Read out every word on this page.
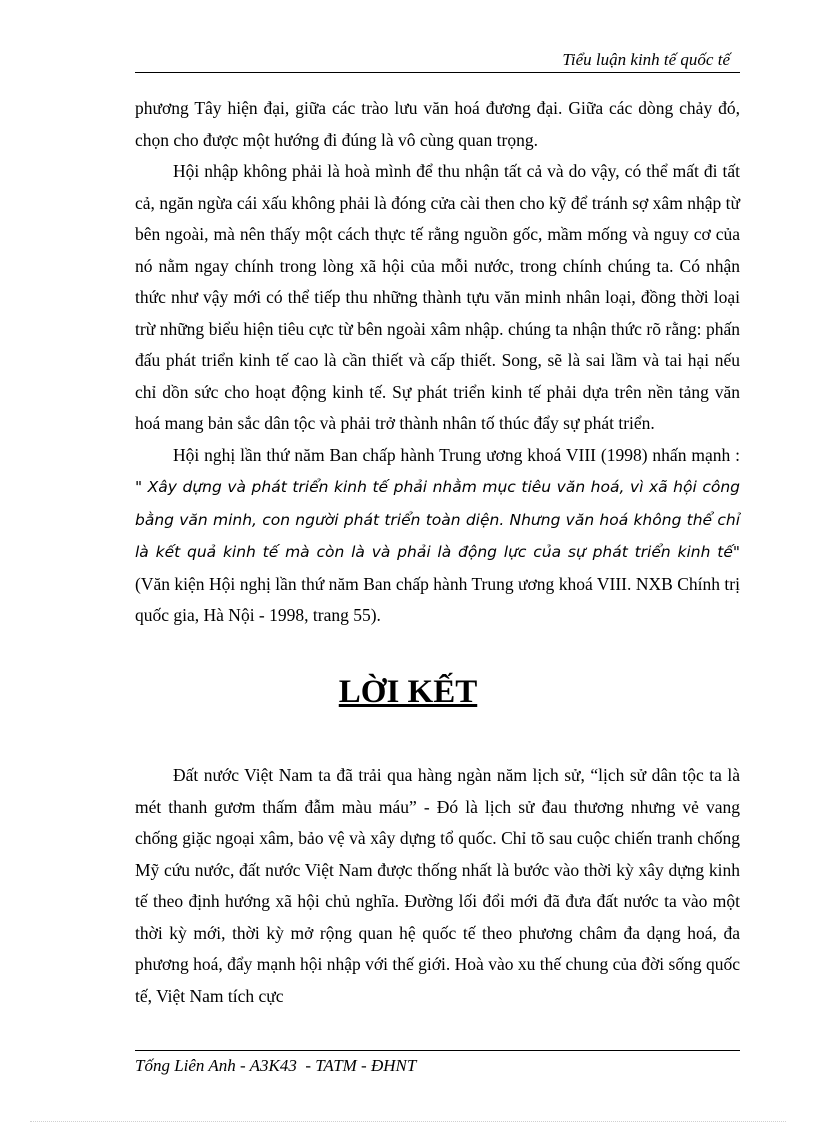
Tiểu luận kinh tế quốc tế

phương Tây hiện đại, giữa các trào lưu văn hoá đương đại. Giữa các dòng chảy đó, chọn cho được một hướng đi đúng là vô cùng quan trọng.

Hội nhập không phải là hoà mình để thu nhận tất cả và do vậy, có thể mất đi tất cả, ngăn ngừa cái xấu không phải là đóng cửa cài then cho kỹ để tránh sợ xâm nhập từ bên ngoài, mà nên thấy một cách thực tế rằng nguồn gốc, mầm mống và nguy cơ của nó nằm ngay chính trong lòng xã hội của mỗi nước, trong chính chúng ta. Có nhận thức như vậy mới có thể tiếp thu những thành tựu văn minh nhân loại, đồng thời loại trừ những biểu hiện tiêu cực từ bên ngoài xâm nhập. chúng ta nhận thức rõ rằng: phấn đấu phát triển kinh tế cao là cần thiết và cấp thiết. Song, sẽ là sai lầm và tai hại nếu chỉ dồn sức cho hoạt động kinh tế. Sự phát triển kinh tế phải dựa trên nền tảng văn hoá mang bản sắc dân tộc và phải trở thành nhân tố thúc đẩy sự phát triển.

Hội nghị lần thứ năm Ban chấp hành Trung ương khoá VIII (1998) nhấn mạnh : " Xây dựng và phát triển kinh tế phải nhằm mục tiêu văn hoá, vì xã hội công bằng văn minh, con người phát triển toàn diện. Nhưng văn hoá không thể chỉ là kết quả kinh tế mà còn là và phải là động lực của sự phát triển kinh tế" (Văn kiện Hội nghị lần thứ năm Ban chấp hành Trung ương khoá VIII. NXB Chính trị quốc gia, Hà Nội - 1998, trang 55).

LỜI KẾT

Đất nước Việt Nam ta đã trải qua hàng ngàn năm lịch sử, “lịch sử dân tộc ta là mét thanh gươm thấm đẫm màu máu” - Đó là lịch sử đau thương nhưng vẻ vang chống giặc ngoại xâm, bảo vệ và xây dựng tổ quốc. Chỉ tõ sau cuộc chiến tranh chống Mỹ cứu nước, đất nước Việt Nam được thống nhất là bước vào thời kỳ xây dựng kinh tế theo định hướng xã hội chủ nghĩa. Đường lối đổi mới đã đưa đất nước ta vào một thời kỳ mới, thời kỳ mở rộng quan hệ quốc tế theo phương châm đa dạng hoá, đa phương hoá, đẩy mạnh hội nhập với thế giới. Hoà vào xu thế chung của đời sống quốc tế, Việt Nam tích cực

Tống Liên Anh - A3K43  - TATM - ĐHNT
